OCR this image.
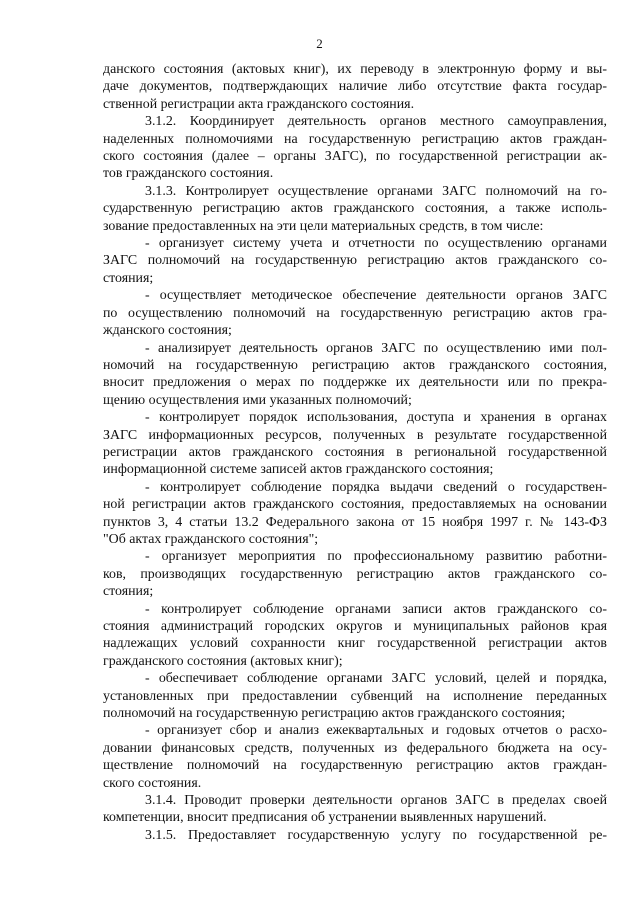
2

данского состояния (актовых книг), их переводу в электронную форму и вы-
даче документов, подтверждающих наличие либо отсутствие факта государ-
ственной регистрации акта гражданского состояния.

3.1.2. Координирует деятельность органов местного самоуправления,
наделенных полномочиями на государственную регистрацию актов граждан-
ского состояния (далее – органы ЗАГС), по государственной регистрации ак-
тов гражданского состояния.

3.1.3. Контролирует осуществление органами ЗАГС полномочий на го-
сударственную регистрацию актов гражданского состояния, а также исполь-
зование предоставленных на эти цели материальных средств, в том числе:

- организует систему учета и отчетности по осуществлению органами
ЗАГС полномочий на государственную регистрацию актов гражданского со-
стояния;

- осуществляет методическое обеспечение деятельности органов ЗАГС
по осуществлению полномочий на государственную регистрацию актов гра-
жданского состояния;

- анализирует деятельность органов ЗАГС по осуществлению ими пол-
номочий на государственную регистрацию актов гражданского состояния,
вносит предложения о мерах по поддержке их деятельности или по прекра-
щению осуществления ими указанных полномочий;

- контролирует порядок использования, доступа и хранения в органах
ЗАГС информационных ресурсов, полученных в результате государственной
регистрации актов гражданского состояния в региональной государственной
информационной системе записей актов гражданского состояния;

- контролирует соблюдение порядка выдачи сведений о государствен-
ной регистрации актов гражданского состояния, предоставляемых на основании
пунктов 3, 4 статьи 13.2 Федерального закона от 15 ноября 1997 г. № 143-ФЗ
"Об актах гражданского состояния";

- организует мероприятия по профессиональному развитию работни-
ков, производящих государственную регистрацию актов гражданского со-
стояния;

- контролирует соблюдение органами записи актов гражданского со-
стояния администраций городских округов и муниципальных районов края
надлежащих условий сохранности книг государственной регистрации актов
гражданского состояния (актовых книг);

- обеспечивает соблюдение органами ЗАГС условий, целей и порядка,
установленных при предоставлении субвенций на исполнение переданных
полномочий на государственную регистрацию актов гражданского состояния;

- организует сбор и анализ ежеквартальных и годовых отчетов о расхо-
довании финансовых средств, полученных из федерального бюджета на осу-
ществление полномочий на государственную регистрацию актов граждан-
ского состояния.

3.1.4. Проводит проверки деятельности органов ЗАГС в пределах своей
компетенции, вносит предписания об устранении выявленных нарушений.

3.1.5. Предоставляет государственную услугу по государственной ре-
